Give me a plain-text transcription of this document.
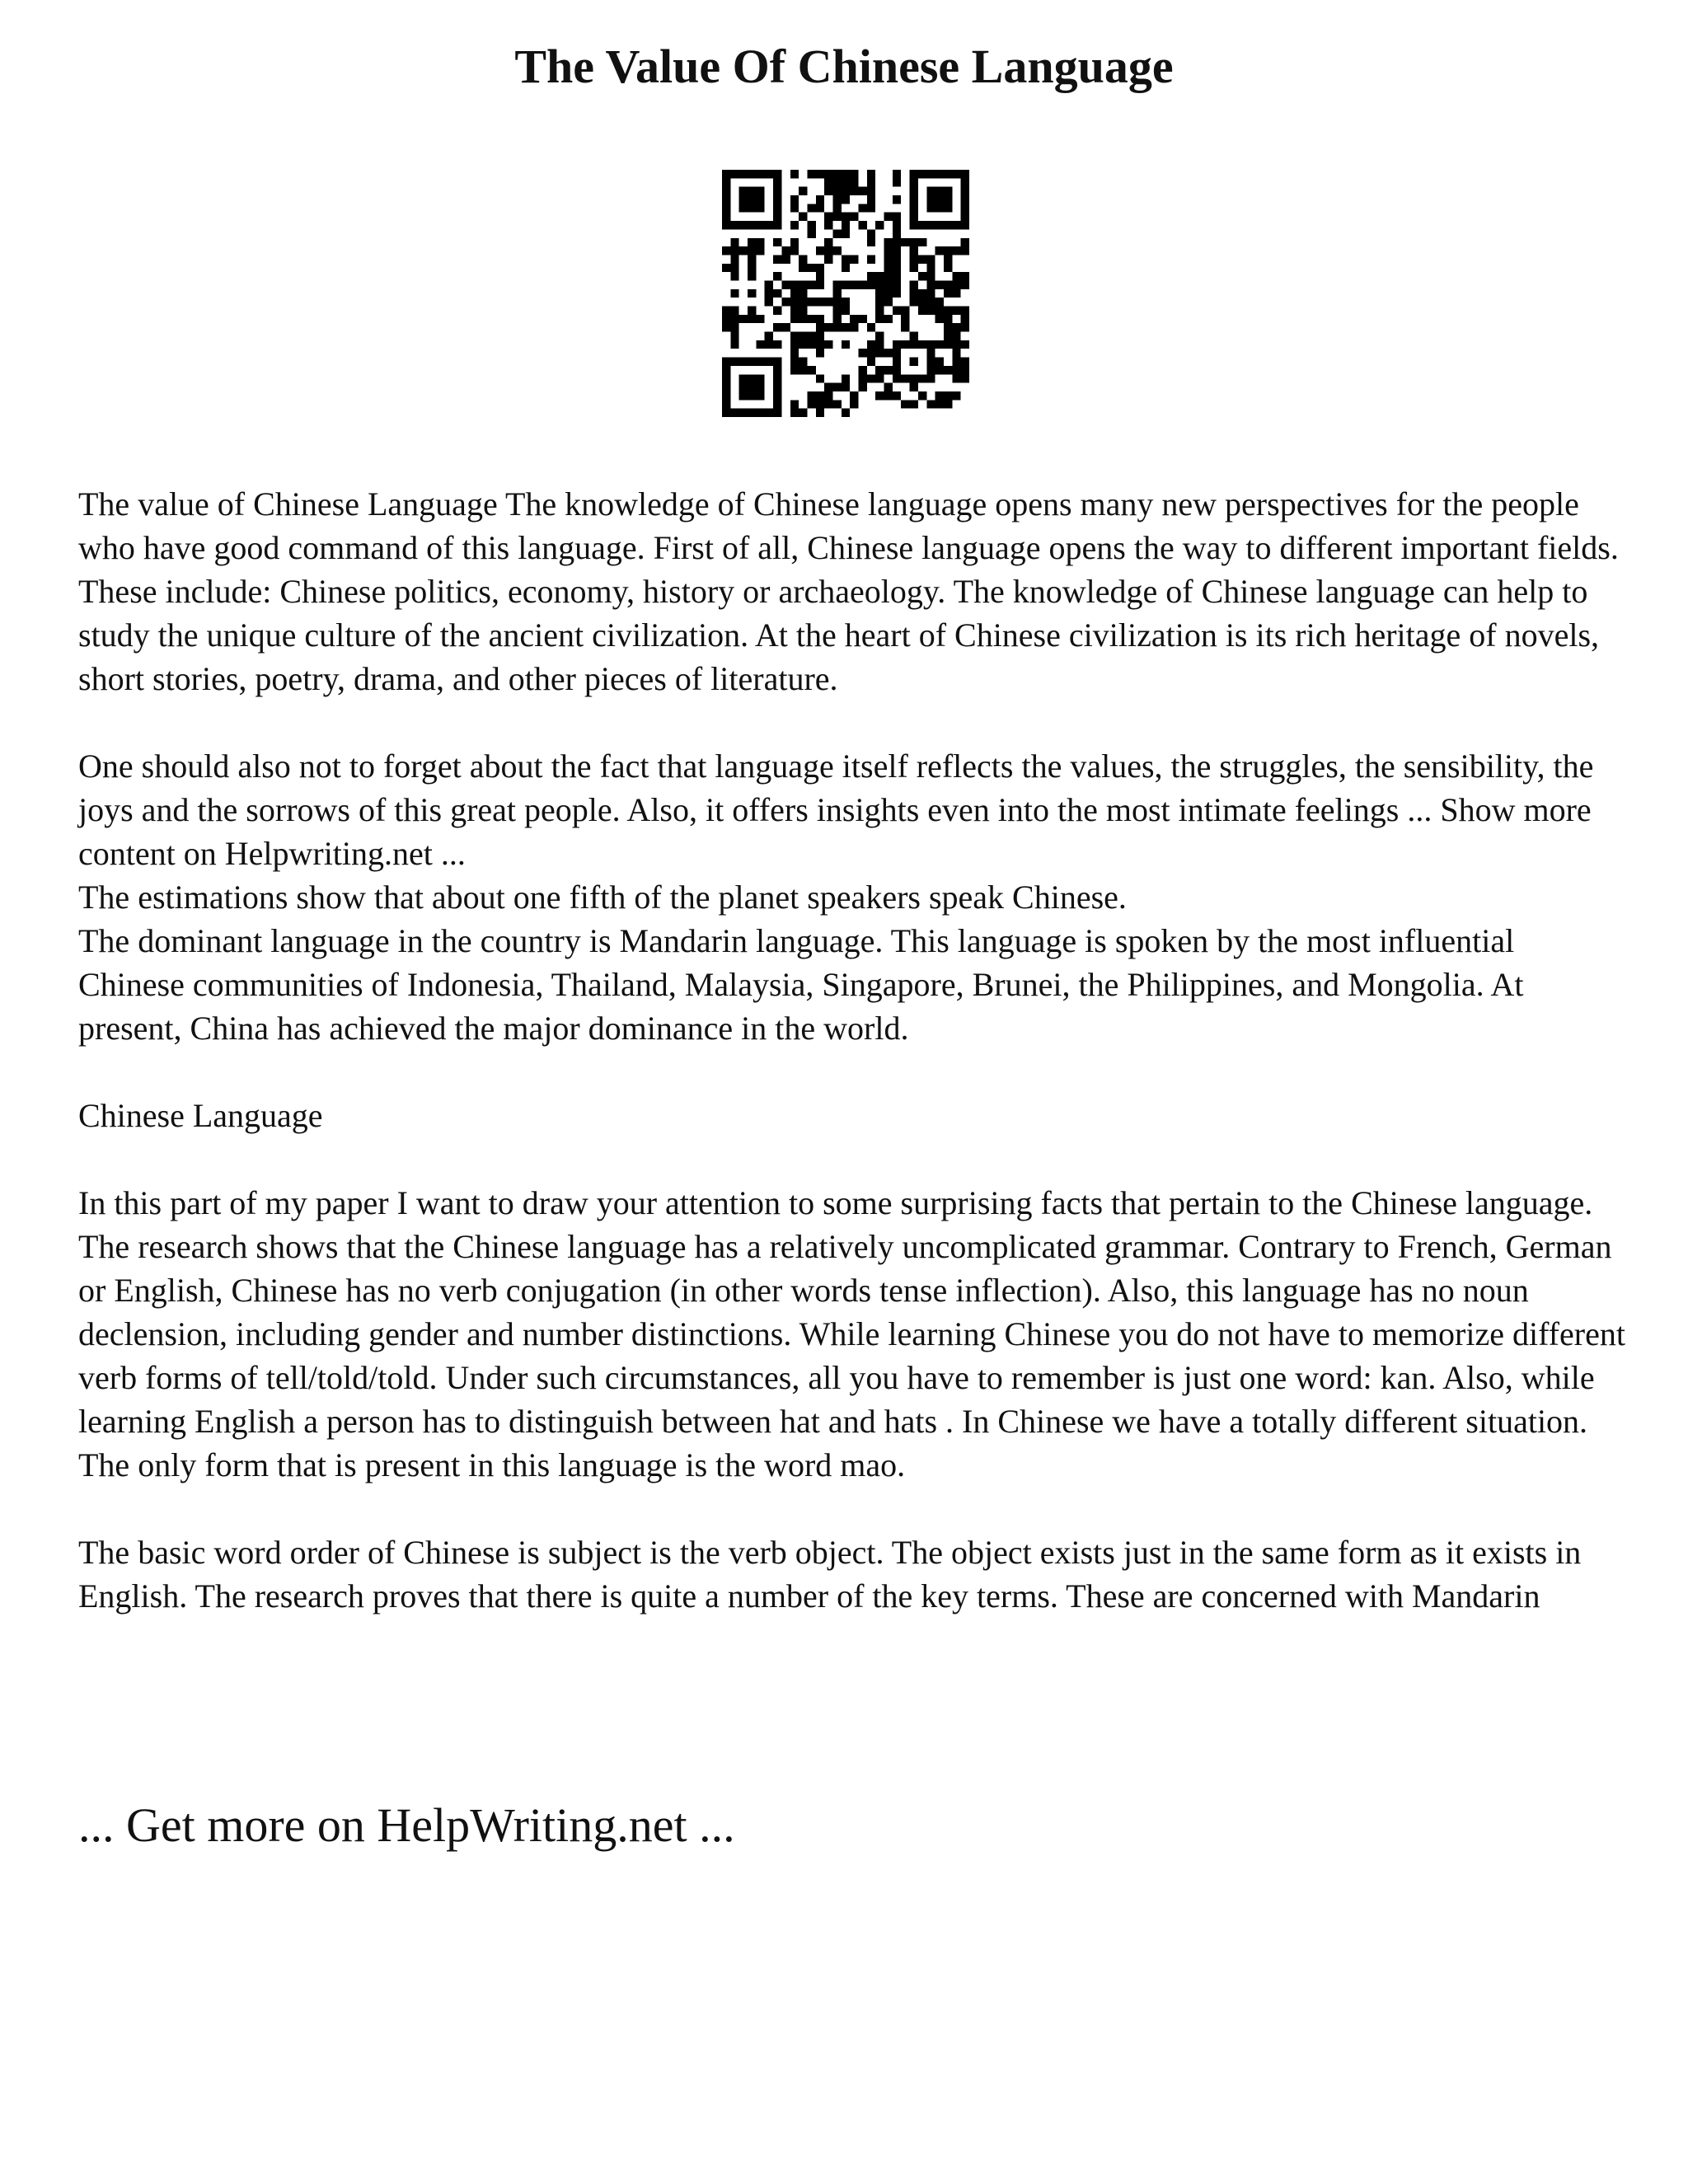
The Value Of Chinese Language

The value of Chinese Language The knowledge of Chinese language opens many new perspectives for the people who have good command of this language. First of all, Chinese language opens the way to different important fields. These include: Chinese politics, economy, history or archaeology. The knowledge of Chinese language can help to study the unique culture of the ancient civilization. At the heart of Chinese civilization is its rich heritage of novels, short stories, poetry, drama, and other pieces of literature.

One should also not to forget about the fact that language itself reflects the values, the struggles, the sensibility, the joys and the sorrows of this great people. Also, it offers insights even into the most intimate feelings ... Show more content on Helpwriting.net ...

The estimations show that about one fifth of the planet speakers speak Chinese.

The dominant language in the country is Mandarin language. This language is spoken by the most influential Chinese communities of Indonesia, Thailand, Malaysia, Singapore, Brunei, the Philippines, and Mongolia. At present, China has achieved the major dominance in the world.

Chinese Language

In this part of my paper I want to draw your attention to some surprising facts that pertain to the Chinese language. The research shows that the Chinese language has a relatively uncomplicated grammar. Contrary to French, German or English, Chinese has no verb conjugation (in other words tense inflection). Also, this language has no noun declension, including gender and number distinctions. While learning Chinese you do not have to memorize different verb forms of tell/told/told. Under such circumstances, all you have to remember is just one word: kan. Also, while learning English a person has to distinguish between hat and hats . In Chinese we have a totally different situation. The only form that is present in this language is the word mao.

The basic word order of Chinese is subject is the verb object. The object exists just in the same form as it exists in English. The research proves that there is quite a number of the key terms. These are concerned with Mandarin

... Get more on HelpWriting.net ...
